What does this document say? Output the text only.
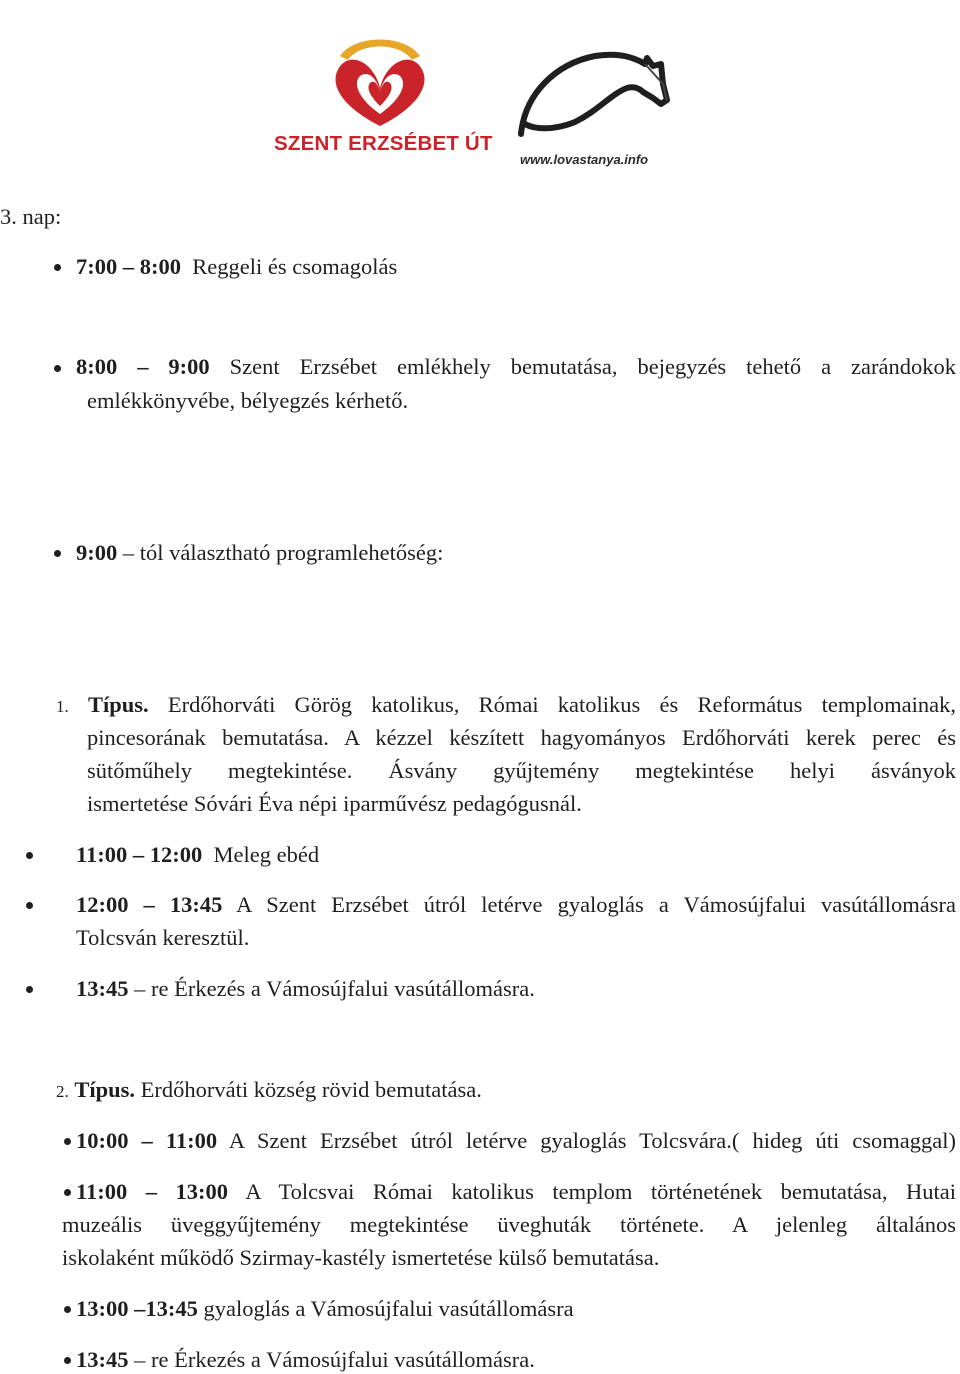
SZENT ERZSÉBET ÚT
www.lovastanya.info
3. nap:
7:00 – 8:00 Reggeli és csomagolás
8:00 – 9:00 Szent Erzsébet emlékhely bemutatása, bejegyzés tehető a zarándokok
emlékkönyvébe, bélyegzés kérhető.
9:00 – tól választható programlehetőség:
1. Típus. Erdőhorváti Görög katolikus, Római katolikus és Református templomainak,
pincesorának bemutatása. A kézzel készített hagyományos Erdőhorváti kerek perec és
sütőműhely megtekintése. Ásvány gyűjtemény megtekintése helyi ásványok
ismertetése Sóvári Éva népi iparművész pedagógusnál.
11:00 – 12:00 Meleg ebéd
12:00 – 13:45 A Szent Erzsébet útról letérve gyaloglás a Vámosújfalui vasútállomásra
Tolcsván keresztül.
13:45 – re Érkezés a Vámosújfalui vasútállomásra.
2. Típus. Erdőhorváti község rövid bemutatása.
10:00 – 11:00 A Szent Erzsébet útról letérve gyaloglás Tolcsvára.( hideg úti csomaggal)
11:00 – 13:00 A Tolcsvai Római katolikus templom történetének bemutatása, Hutai
muzeális üveggyűjtemény megtekintése üveghuták története. A jelenleg általános
iskolaként működő Szirmay-kastély ismertetése külső bemutatása.
13:00 –13:45 gyaloglás a Vámosújfalui vasútállomásra
13:45 – re Érkezés a Vámosújfalui vasútállomásra.
